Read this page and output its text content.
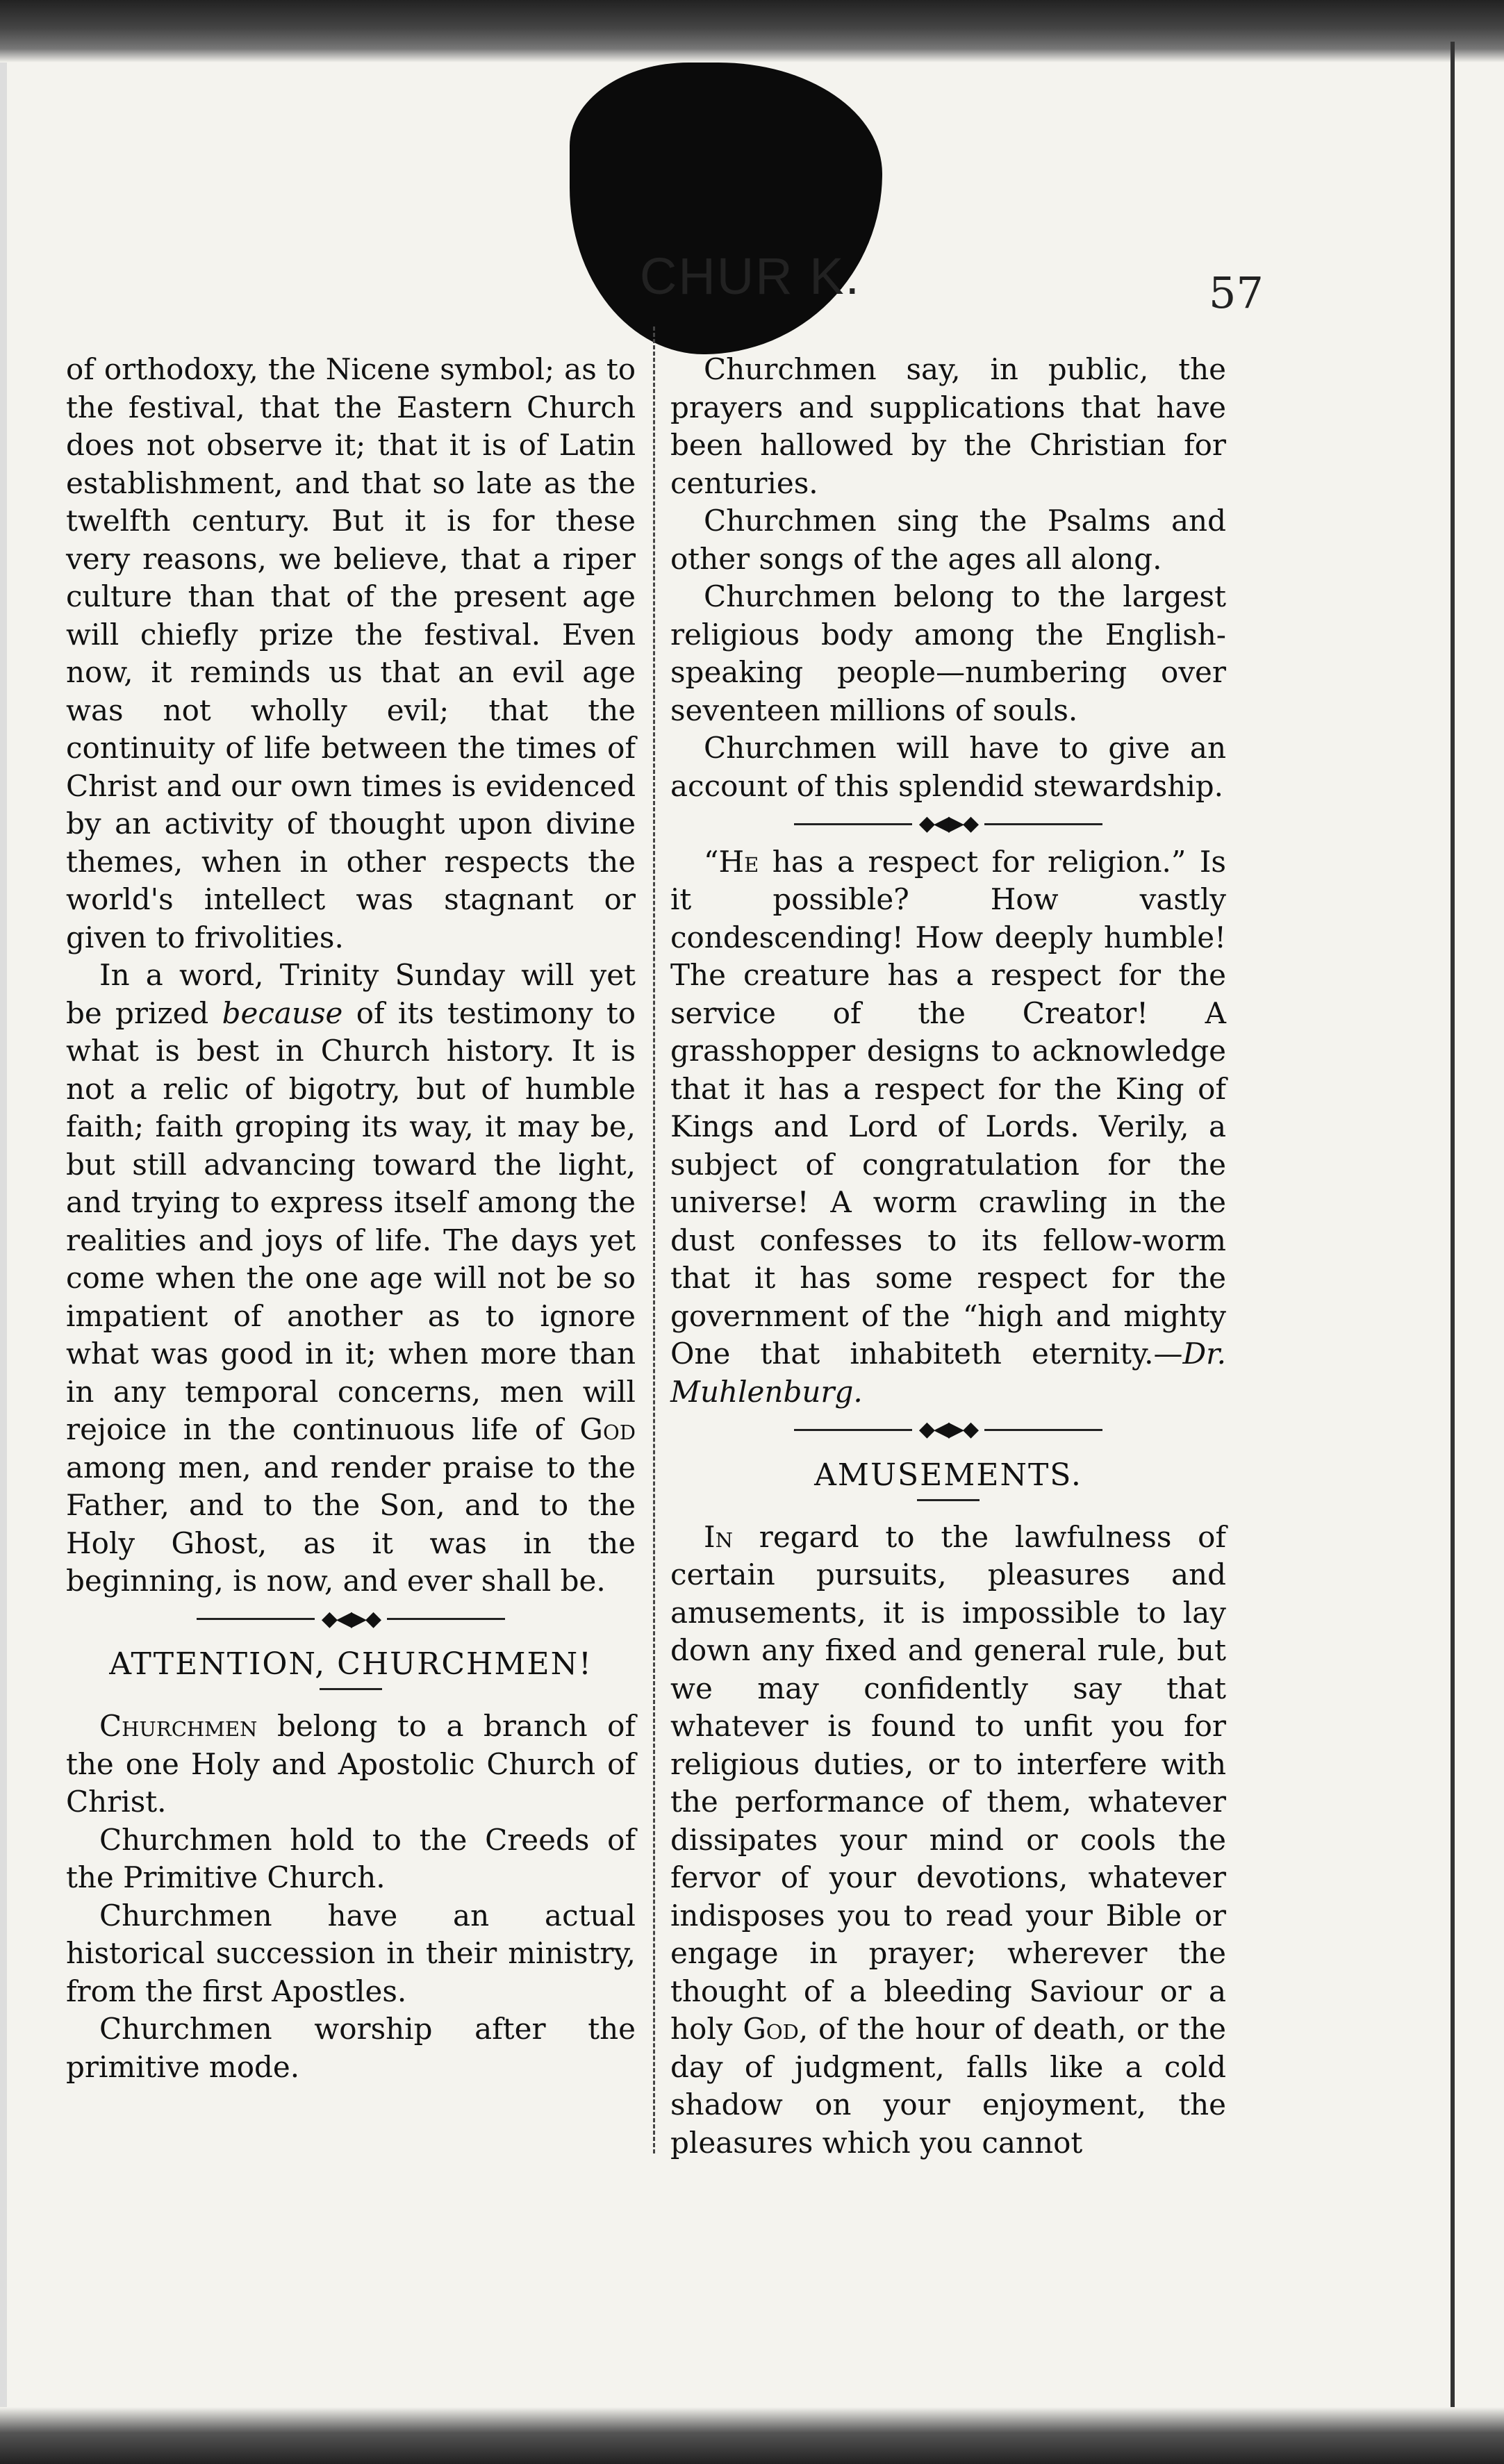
CHUR K.	57

of orthodoxy, the Nicene symbol; as to the festival, that the Eastern Church does not observe it; that it is of Latin establishment, and that so late as the twelfth century. But it is for these very reasons, we believe, that a riper culture than that of the present age will chiefly prize the festival. Even now, it reminds us that an evil age was not wholly evil; that the continuity of life between the times of Christ and our own times is evidenced by an activity of thought upon divine themes, when in other respects the world's intellect was stagnant or given to frivolities.

In a word, Trinity Sunday will yet be prized because of its testimony to what is best in Church history. It is not a relic of bigotry, but of humble faith; faith groping its way, it may be, but still advancing toward the light, and trying to express itself among the realities and joys of life. The days yet come when the one age will not be so impatient of another as to ignore what was good in it; when more than in any temporal concerns, men will rejoice in the continuous life of God among men, and render praise to the Father, and to the Son, and to the Holy Ghost, as it was in the beginning, is now, and ever shall be.

◆◀▶◆
ATTENTION, CHURCHMEN!

Churchmen belong to a branch of the one Holy and Apostolic Church of Christ.

Churchmen hold to the Creeds of the Primitive Church.

Churchmen have an actual historical succession in their ministry, from the first Apostles.

Churchmen worship after the primitive mode.

Churchmen say, in public, the prayers and supplications that have been hallowed by the Christian for centuries.

Churchmen sing the Psalms and other songs of the ages all along.

Churchmen belong to the largest religious body among the English-speaking people—numbering over seventeen millions of souls.

Churchmen will have to give an account of this splendid stewardship.

◆◀▶◆

“He has a respect for religion.” Is it possible? How vastly condescending! How deeply humble! The creature has a respect for the service of the Creator! A grasshopper designs to acknowledge that it has a respect for the King of Kings and Lord of Lords. Verily, a subject of congratulation for the universe! A worm crawling in the dust confesses to its fellow-worm that it has some respect for the government of the “high and mighty One that inhabiteth eternity.—Dr. Muhlenburg.

◆◀▶◆
AMUSEMENTS.

In regard to the lawfulness of certain pursuits, pleasures and amusements, it is impossible to lay down any fixed and general rule, but we may confidently say that whatever is found to unfit you for religious duties, or to interfere with the performance of them, whatever dissipates your mind or cools the fervor of your devotions, whatever indisposes you to read your Bible or engage in prayer; wherever the thought of a bleeding Saviour or a holy God, of the hour of death, or the day of judgment, falls like a cold shadow on your enjoyment, the pleasures which you cannot
